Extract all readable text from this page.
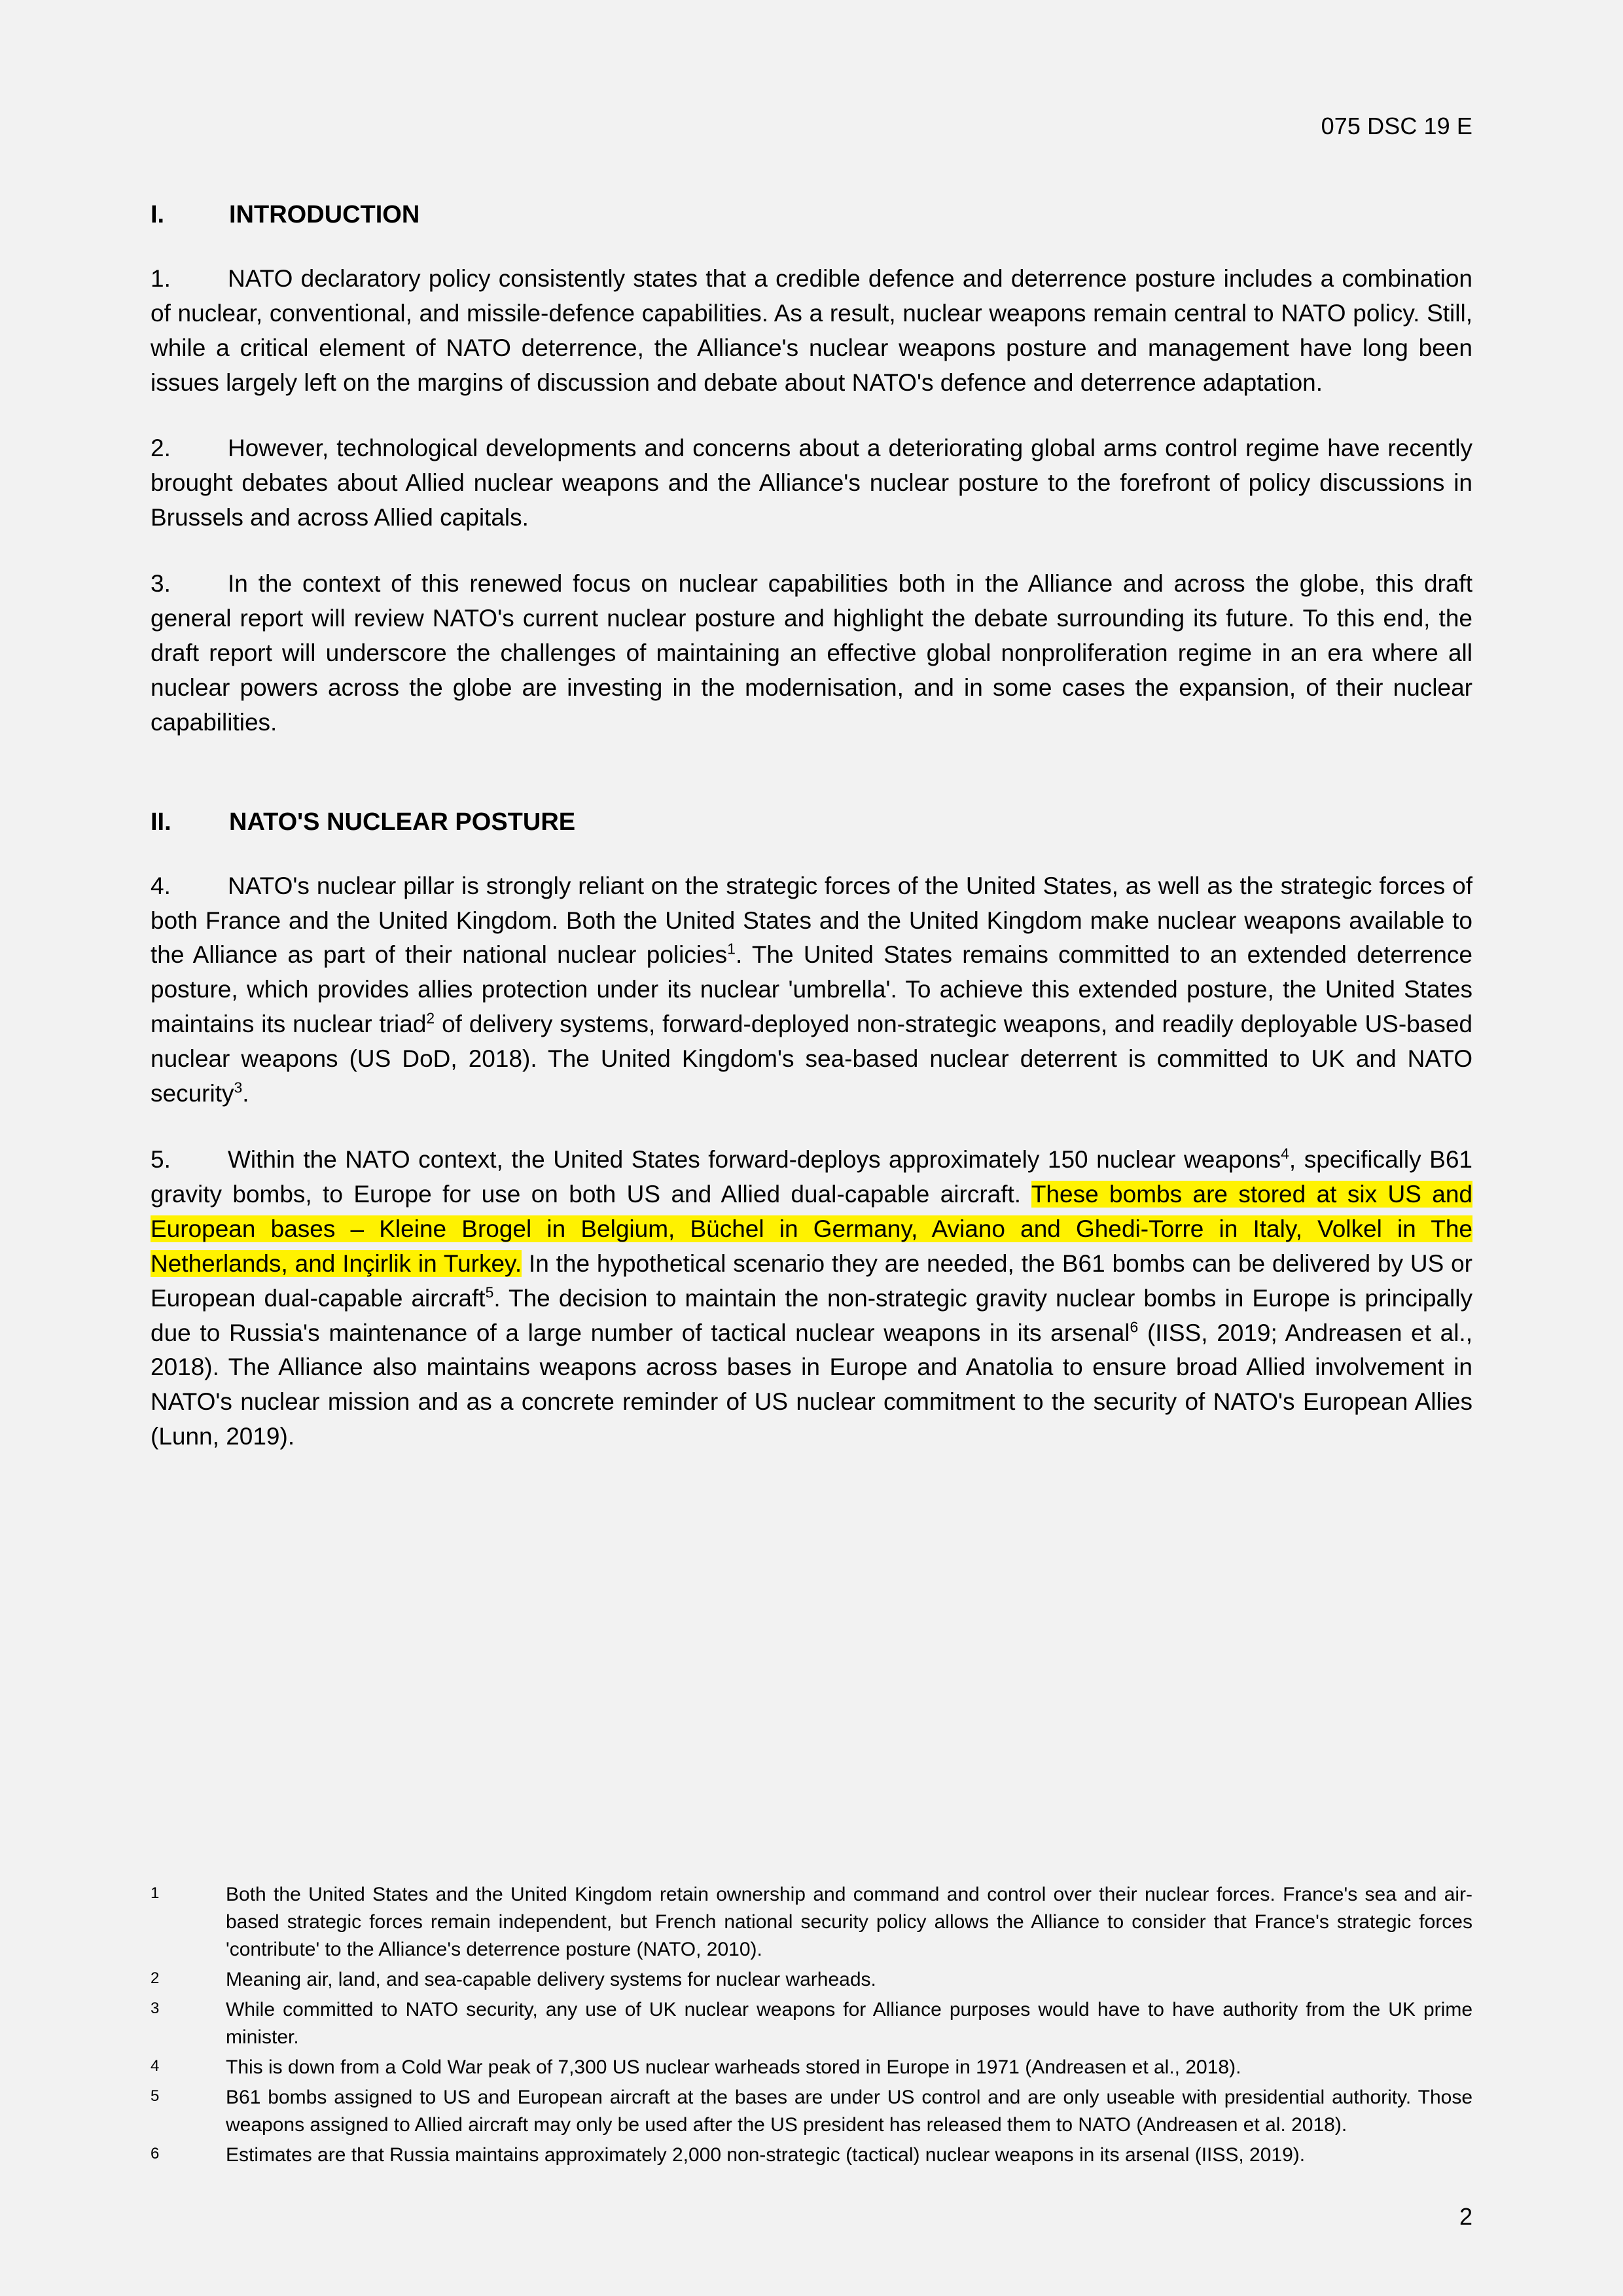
075 DSC 19 E
I.	INTRODUCTION

1. NATO declaratory policy consistently states that a credible defence and deterrence posture includes a combination of nuclear, conventional, and missile-defence capabilities. As a result, nuclear weapons remain central to NATO policy. Still, while a critical element of NATO deterrence, the Alliance's nuclear weapons posture and management have long been issues largely left on the margins of discussion and debate about NATO's defence and deterrence adaptation.

2. However, technological developments and concerns about a deteriorating global arms control regime have recently brought debates about Allied nuclear weapons and the Alliance's nuclear posture to the forefront of policy discussions in Brussels and across Allied capitals.

3. In the context of this renewed focus on nuclear capabilities both in the Alliance and across the globe, this draft general report will review NATO's current nuclear posture and highlight the debate surrounding its future. To this end, the draft report will underscore the challenges of maintaining an effective global nonproliferation regime in an era where all nuclear powers across the globe are investing in the modernisation, and in some cases the expansion, of their nuclear capabilities.

II.	NATO'S NUCLEAR POSTURE

4. NATO's nuclear pillar is strongly reliant on the strategic forces of the United States, as well as the strategic forces of both France and the United Kingdom. Both the United States and the United Kingdom make nuclear weapons available to the Alliance as part of their national nuclear policies$^1$. The United States remains committed to an extended deterrence posture, which provides allies protection under its nuclear 'umbrella'. To achieve this extended posture, the United States maintains its nuclear triad$^2$ of delivery systems, forward-deployed non-strategic weapons, and readily deployable US-based nuclear weapons (US DoD, 2018). The United Kingdom's sea-based nuclear deterrent is committed to UK and NATO security$^3$.

5. Within the NATO context, the United States forward-deploys approximately 150 nuclear weapons$^4$, specifically B61 gravity bombs, to Europe for use on both US and Allied dual-capable aircraft. These bombs are stored at six US and European bases – Kleine Brogel in Belgium, Büchel in Germany, Aviano and Ghedi-Torre in Italy, Volkel in The Netherlands, and Inçirlik in Turkey. In the hypothetical scenario they are needed, the B61 bombs can be delivered by US or European dual-capable aircraft$^5$. The decision to maintain the non-strategic gravity nuclear bombs in Europe is principally due to Russia's maintenance of a large number of tactical nuclear weapons in its arsenal$^6$ (IISS, 2019; Andreasen et al., 2018). The Alliance also maintains weapons across bases in Europe and Anatolia to ensure broad Allied involvement in NATO's nuclear mission and as a concrete reminder of US nuclear commitment to the security of NATO's European Allies (Lunn, 2019).

1	Both the United States and the United Kingdom retain ownership and command and control over their nuclear forces. France's sea and air-based strategic forces remain independent, but French national security policy allows the Alliance to consider that France's strategic forces 'contribute' to the Alliance's deterrence posture (NATO, 2010).
2	Meaning air, land, and sea-capable delivery systems for nuclear warheads.
3	While committed to NATO security, any use of UK nuclear weapons for Alliance purposes would have to have authority from the UK prime minister.
4	This is down from a Cold War peak of 7,300 US nuclear warheads stored in Europe in 1971 (Andreasen et al., 2018).
5	B61 bombs assigned to US and European aircraft at the bases are under US control and are only useable with presidential authority. Those weapons assigned to Allied aircraft may only be used after the US president has released them to NATO (Andreasen et al. 2018).
6	Estimates are that Russia maintains approximately 2,000 non-strategic (tactical) nuclear weapons in its arsenal (IISS, 2019).
2
